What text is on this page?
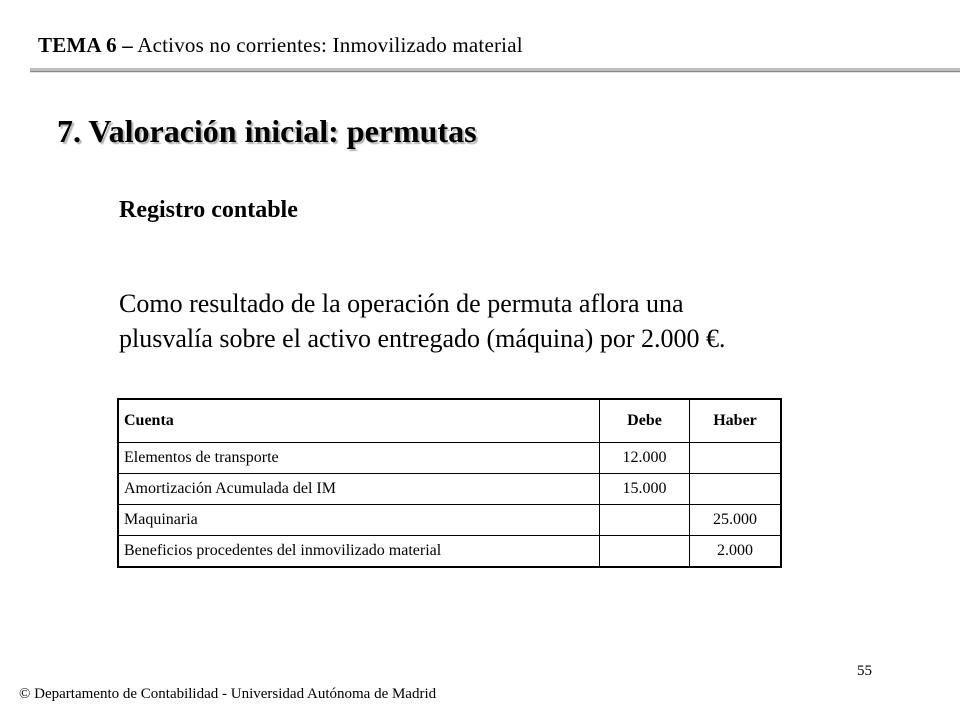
TEMA 6 – Activos no corrientes: Inmovilizado material
7. Valoración inicial: permutas
Registro contable

Como resultado de la operación de permuta aflora una
plusvalía sobre el activo entregado (máquina) por 2.000 €.

Cuenta	Debe	Haber
Elementos de transporte	12.000	
Amortización Acumulada del IM	15.000	
Maquinaria		25.000
Beneficios procedentes del inmovilizado material		2.000
55
© Departamento de Contabilidad - Universidad Autónoma de Madrid
